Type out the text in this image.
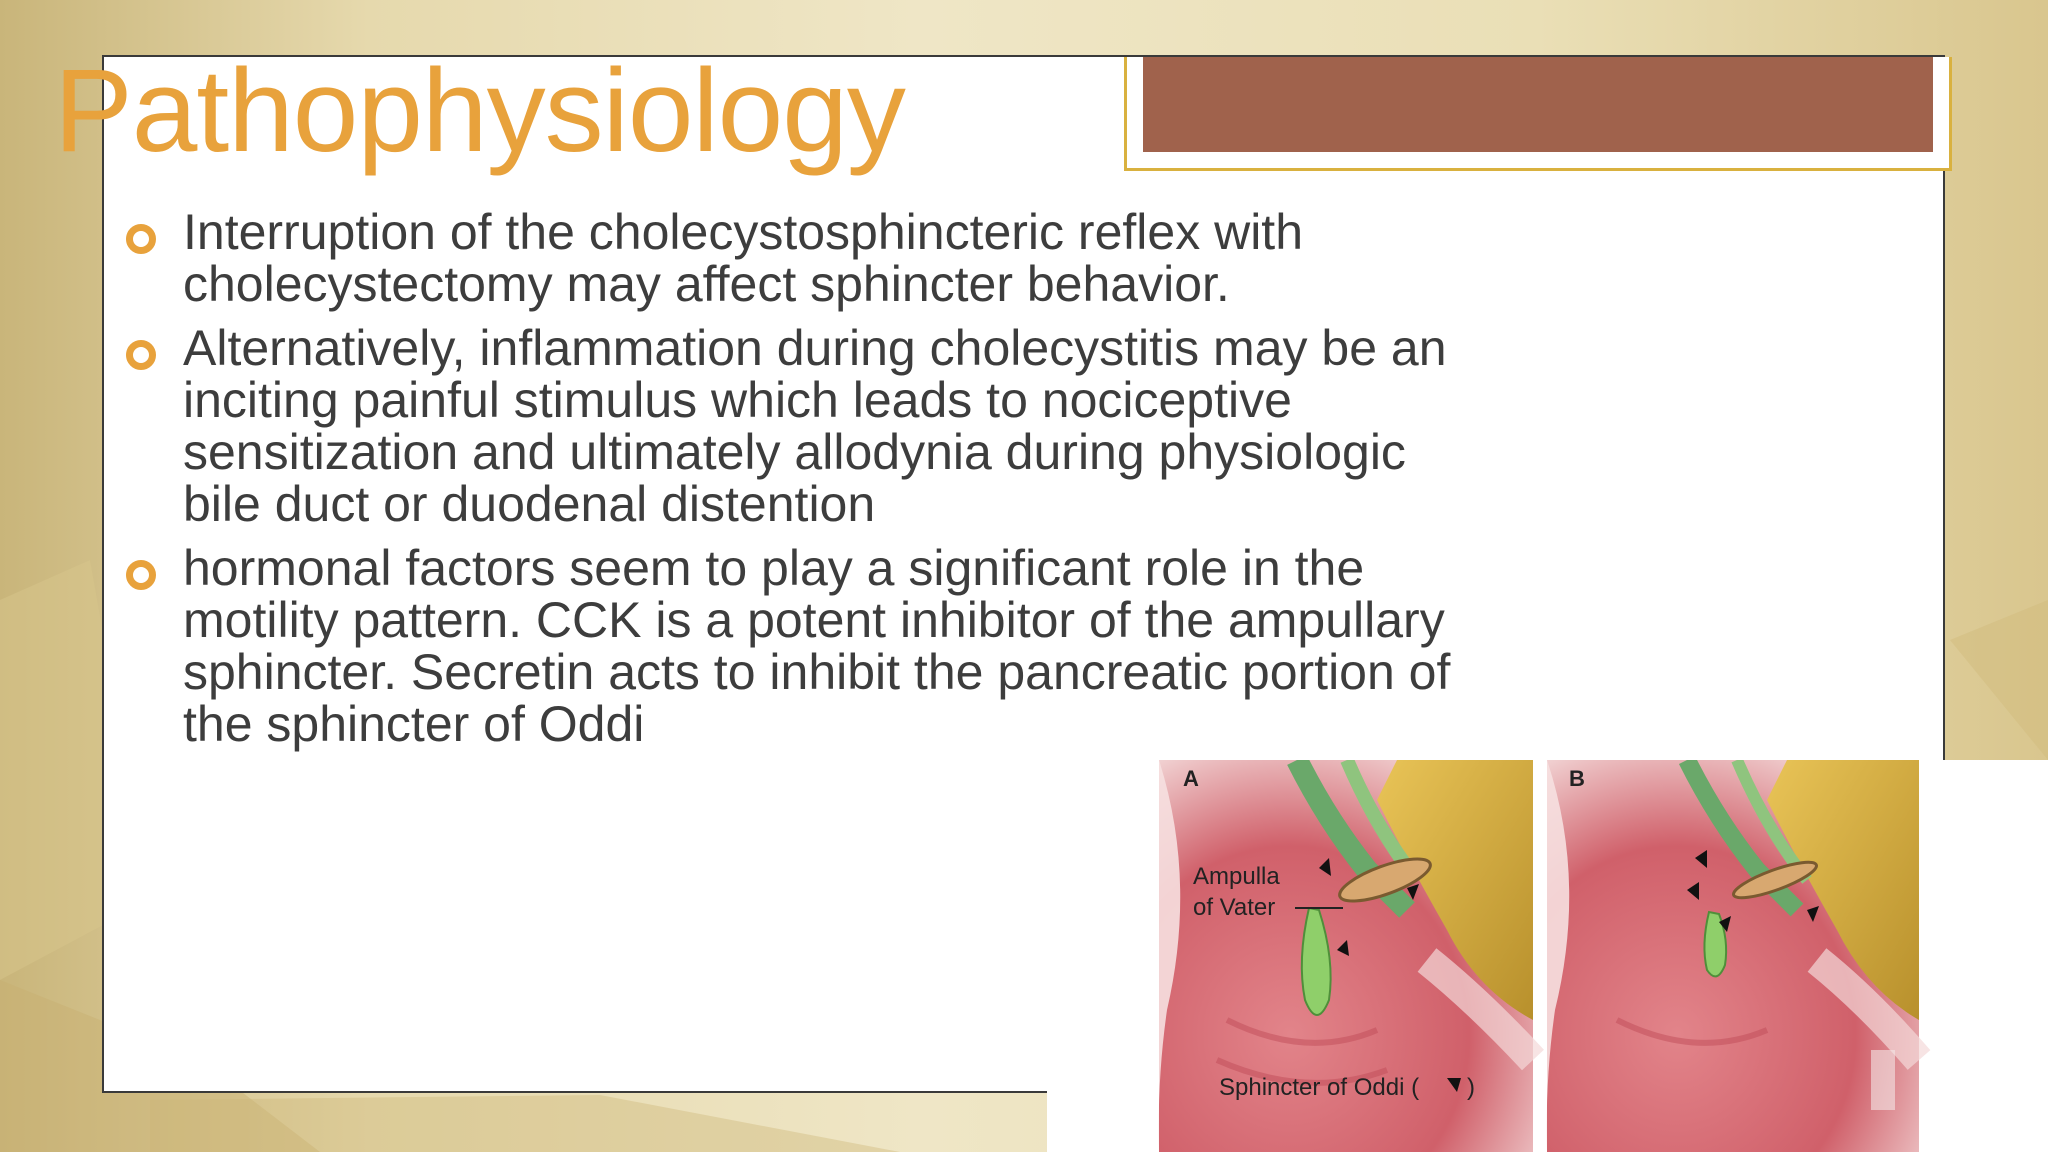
Pathophysiology
Interruption of the cholecystosphincteric reflex with
cholecystectomy may affect sphincter behavior.
Alternatively, inflammation during cholecystitis may be an
inciting painful stimulus which leads to nociceptive
sensitization and ultimately allodynia during physiologic
bile duct or duodenal distention
hormonal factors seem to play a significant role in the
motility pattern. CCK is a potent inhibitor of the ampullary
sphincter. Secretin acts to inhibit the pancreatic portion of
the sphincter of Oddi
A
Ampulla
of Vater
Sphincter of Oddi ( )
B
